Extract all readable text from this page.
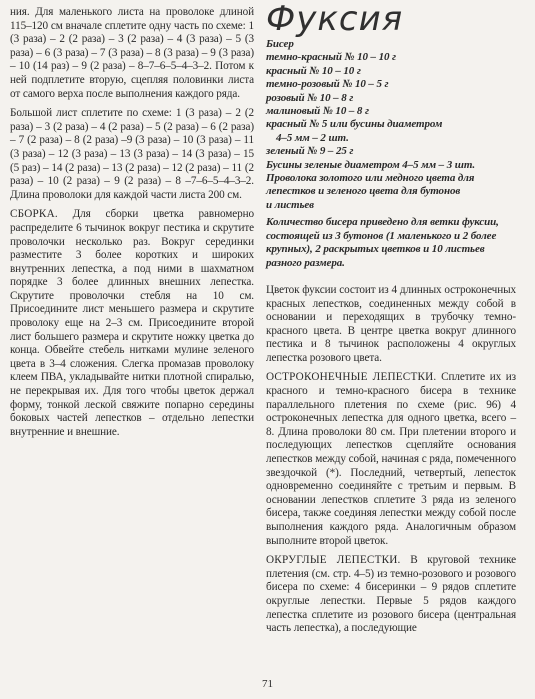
ния. Для маленького листа на проволоке длиной 115–120 см вначале сплетите одну часть по схеме: 1 (3 раза) – 2 (2 раза) – 3 (2 раза) – 4 (3 раза) – 5 (3 раза) – 6 (3 раза) – 7 (3 раза) – 8 (3 раза) – 9 (3 раза) – 10 (14 раз) – 9 (2 раза) – 8–7–6–5–4–3–2. Потом к ней подплетите вторую, сцепляя половинки листа от самого верха после выполнения каждого ряда.

Большой лист сплетите по схеме: 1 (3 раза) – 2 (2 раза) – 3 (2 раза) – 4 (2 раза) – 5 (2 раза) – 6 (2 раза) – 7 (2 раза) – 8 (2 раза) –9 (3 раза) – 10 (3 раза) – 11 (3 раза) – 12 (3 раза) – 13 (3 раза) – 14 (3 раза) – 15 (5 раз) – 14 (2 раза) – 13 (2 раза) – 12 (2 раза) – 11 (2 раза) – 10 (2 раза) – 9 (2 раза) – 8 –7–6–5–4–3–2. Длина проволоки для каждой части листа 200 см.

СБОРКА. Для сборки цветка равномерно распределите 6 тычинок вокруг пестика и скрутите проволочки несколько раз. Вокруг серединки разместите 3 более коротких и широких внутренних лепестка, а под ними в шахматном порядке 3 более длинных внешних лепестка. Скрутите проволочки стебля на 10 см. Присоедините лист меньшего размера и скрутите проволоку еще на 2–3 см. Присоедините второй лист большего размера и скрутите ножку цветка до конца. Обвейте стебель нитками мулине зеленого цвета в 3–4 сложения. Слегка промазав проволоку клеем ПВА, укладывайте нитки плотной спиралью, не перекрывая их. Для того чтобы цветок держал форму, тонкой леской свяжите попарно середины боковых частей лепестков – отдельно лепестки внутренние и внешние.

Фуксия
Бисер
темно-красный № 10 – 10 г
красный № 10 – 10 г
темно-розовый № 10 – 5 г
розовый № 10 – 8 г
малиновый № 10 – 8 г
красный № 5 или бусины диаметром
4–5 мм – 2 шт.
зеленый № 9 – 25 г
Бусины зеленые диаметром 4–5 мм – 3 шт.
Проволока золотого или медного цвета для лепестков и зеленого цвета для бутонов
и листьев
Количество бисера приведено для ветки фуксии, состоящей из 3 бутонов (1 маленького и 2 более крупных), 2 раскрытых цветков и 10 листьев разного размера.

Цветок фуксии состоит из 4 длинных остроконечных красных лепестков, соединенных между собой в основании и переходящих в трубочку темно-красного цвета. В центре цветка вокруг длинного пестика и 8 тычинок расположены 4 округлых лепестка розового цвета.

ОСТРОКОНЕЧНЫЕ ЛЕПЕСТКИ. Сплетите их из красного и темно-красного бисера в технике параллельного плетения по схеме (рис. 96) 4 остроконечных лепестка для одного цветка, всего – 8. Длина проволоки 80 см. При плетении второго и последующих лепестков сцепляйте основания лепестков между собой, начиная с ряда, помеченного звездочкой (*). Последний, четвертый, лепесток одновременно соединяйте с третьим и первым. В основании лепестков сплетите 3 ряда из зеленого бисера, также соединяя лепестки между собой после выполнения каждого ряда. Аналогичным образом выполните второй цветок.

ОКРУГЛЫЕ ЛЕПЕСТКИ. В круговой технике плетения (см. стр. 4–5) из темно-розового и розового бисера по схеме: 4 бисеринки – 9 рядов сплетите округлые лепестки. Первые 5 рядов каждого лепестка сплетите из розового бисера (центральная часть лепестка), а последующие

71
